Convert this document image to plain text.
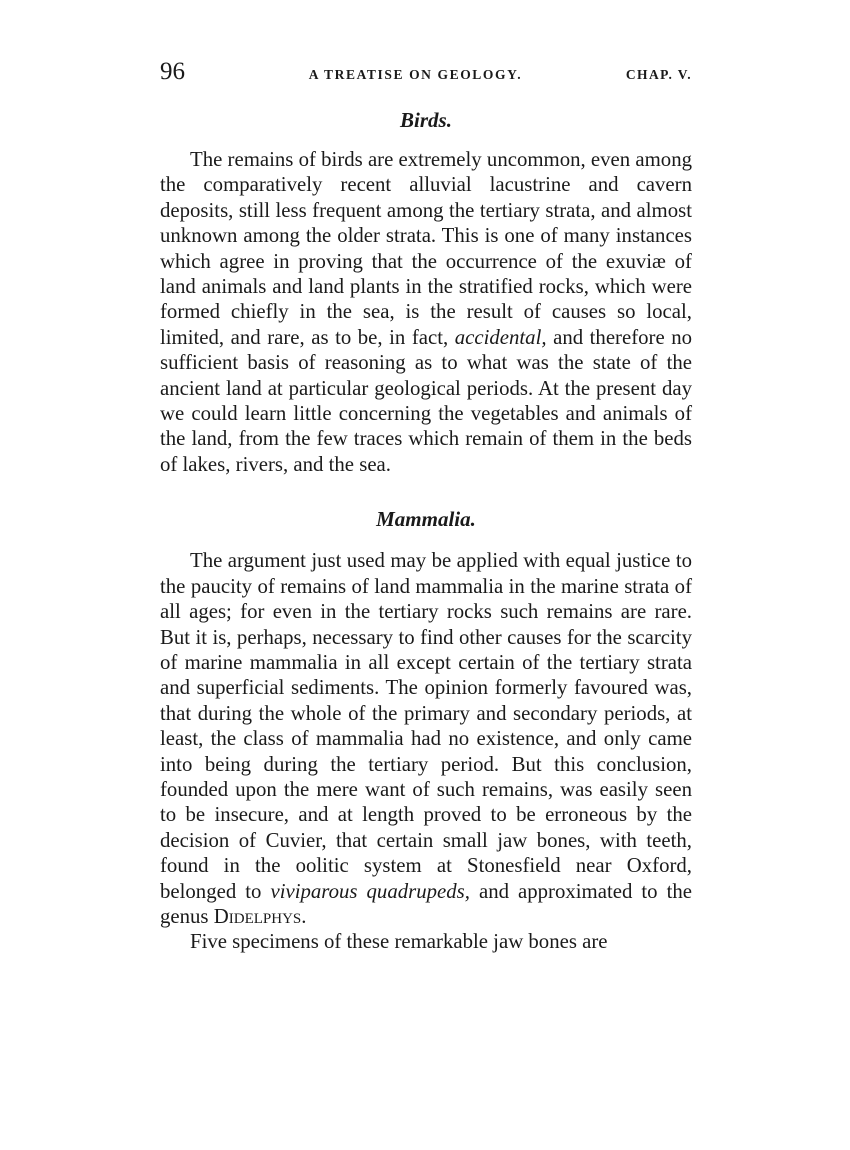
96	A TREATISE ON GEOLOGY.	CHAP. V.
Birds.

The remains of birds are extremely uncommon, even among the comparatively recent alluvial lacustrine and cavern deposits, still less frequent among the tertiary strata, and almost unknown among the older strata. This is one of many instances which agree in proving that the occurrence of the exuviæ of land animals and land plants in the stratified rocks, which were formed chiefly in the sea, is the result of causes so local, limited, and rare, as to be, in fact, accidental, and therefore no sufficient basis of reasoning as to what was the state of the ancient land at particular geological periods. At the present day we could learn little concerning the vegetables and animals of the land, from the few traces which remain of them in the beds of lakes, rivers, and the sea.

Mammalia.

The argument just used may be applied with equal justice to the paucity of remains of land mammalia in the marine strata of all ages; for even in the tertiary rocks such remains are rare. But it is, perhaps, necessary to find other causes for the scarcity of marine mammalia in all except certain of the tertiary strata and superficial sediments. The opinion formerly favoured was, that during the whole of the primary and secondary periods, at least, the class of mammalia had no existence, and only came into being during the tertiary period. But this conclusion, founded upon the mere want of such remains, was easily seen to be insecure, and at length proved to be erroneous by the decision of Cuvier, that certain small jaw bones, with teeth, found in the oolitic system at Stonesfield near Oxford, belonged to viviparous quadrupeds, and approximated to the genus Didelphys.

Five specimens of these remarkable jaw bones are
